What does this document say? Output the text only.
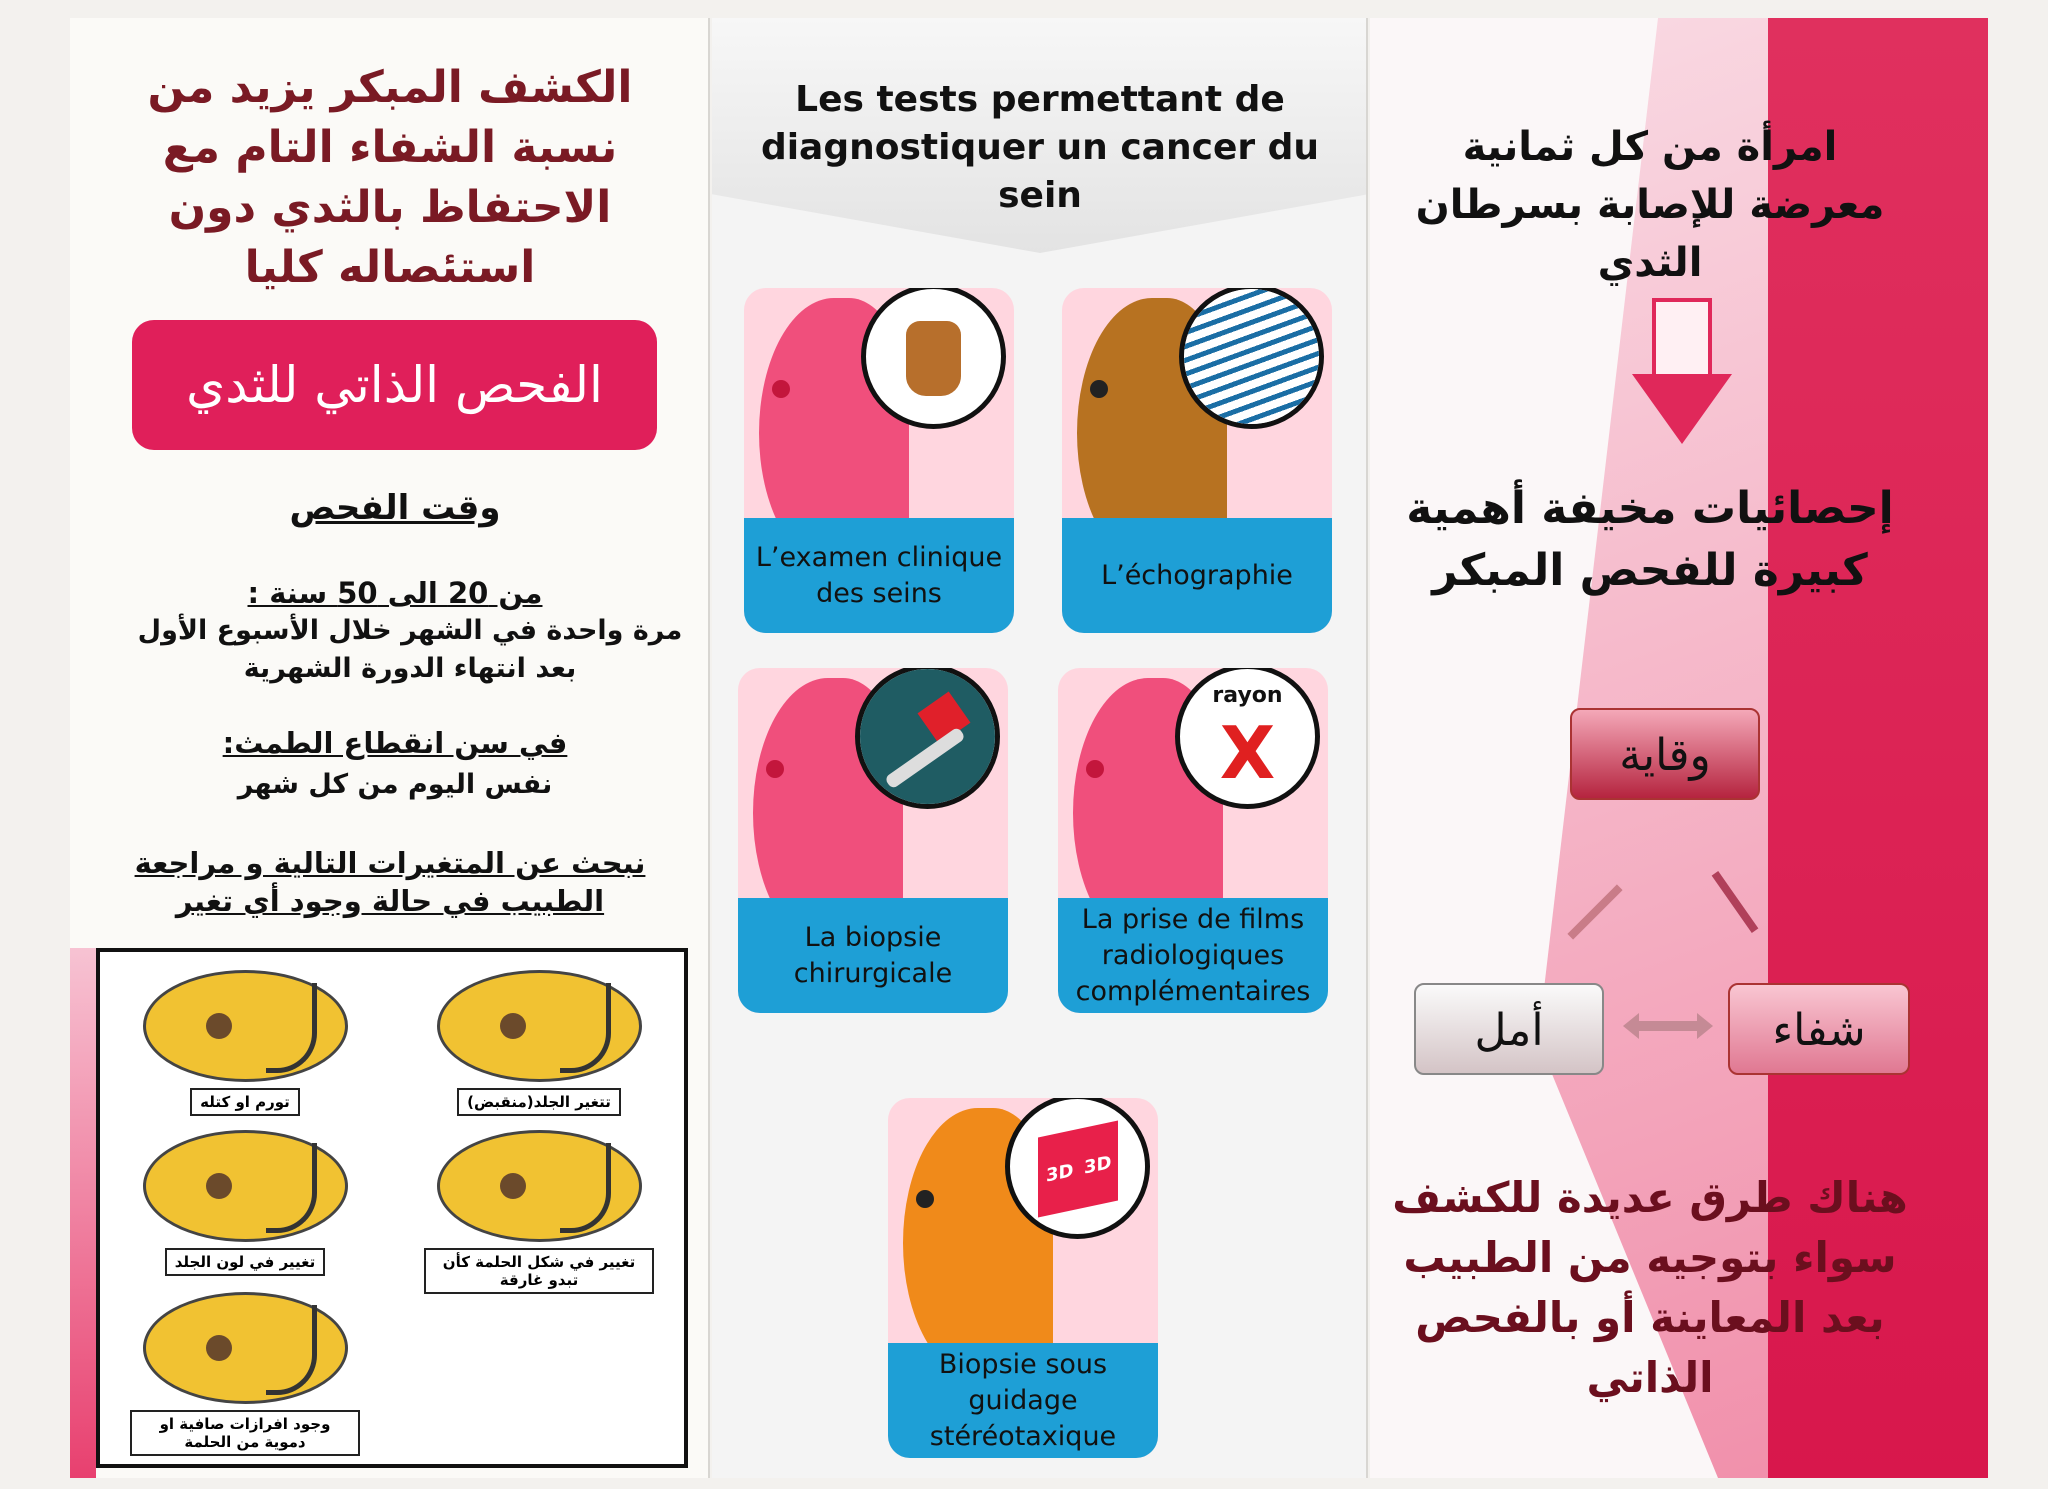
الكشف المبكر يزيد من نسبة الشفاء التام مع الاحتفاظ بالثدي دون استئصاله كليا
الفحص الذاتي للثدي
وقت الفحص
من 20 الى 50 سنة :
مرة واحدة في الشهر خلال الأسبوع الأول بعد انتهاء الدورة الشهرية
في سن انقطاع الطمث:
نفس اليوم من كل شهر
نبحث عن المتغيرات التالية و مراجعة الطبيب في حالة وجود أي تغير
تتغير الجلد(منقبض)
تورم او كتله
تغيير في شكل الحلمة كأن تبدو غارقة
تغيير في لون الجلد
وجود افرازات صافية او دموية من الحلمة
Les tests permettant de diagnostiquer un cancer du sein
L’examen clinique des seins
L’échographie
La biopsie chirurgicale
rayon
X
La prise de films radiologiques complémentaires
3D 3D
Biopsie sous guidage stéréotaxique
امرأة من كل ثمانية معرضة للإصابة بسرطان الثدي
إحصائيات مخيفة أهمية كبيرة للفحص المبكر
وقاية
أمل	شفاء
هناك طرق عديدة للكشف سواء بتوجيه من الطبيب بعد المعاينة أو بالفحص الذاتي
